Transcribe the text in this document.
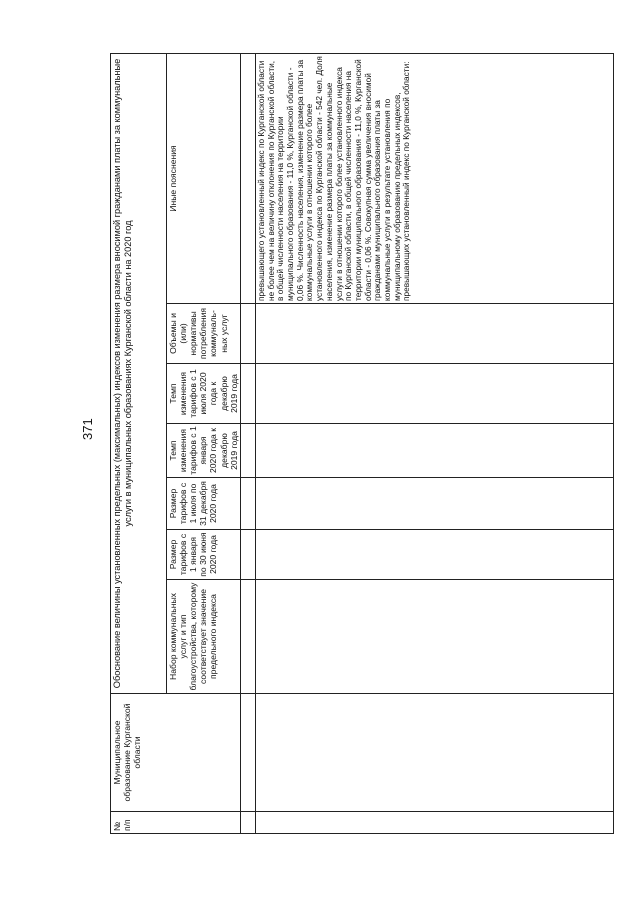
371
№ п/п	Муниципальное образование Курганской области	Обоснование величины установленных предельных (максимальных) индексов изменения размера вносимой гражданами платы за коммунальные услуги в муниципальных образованиях Курганской области на 2020 год						
		Набор коммунальных услуг и тип благоустройства, которому соответствует значение предельного индекса	Размер тарифов с 1 января по 30 июня 2020 года	Размер тарифов с 1 июля по 31 декабря 2020 года	Темп изменения тарифов с 1 января 2020 года к декабрю 2019 года	Темп изменения тарифов с 1 июля 2020 года к декабрю 2019 года	Объемы и (или) нормативы потребления коммуналь-ных услуг	Иные пояснения

								превышающего установленный индекс по Курганской области не более чем на величину отклонения по Курганской области, в общей численности населения на территории муниципального образования - 11,0 %, Курганской области - 0,06 %. Численность населения, изменение размера платы за коммунальные услуги в отношении которого более установленного индекса по Курганской области - 542 чел. Доля населения, изменение размера платы за коммунальные услуги в отношении которого более установленного индекса по Курганской области, в общей численности населения на территории муниципального образования - 11,0 %, Курганской области - 0,06 %. Совокупная сумма увеличения вносимой гражданами муниципального образования платы за коммунальные услуги в результате установления по муниципальному образованию предельных индексов, превышающих установленный индекс по Курганской области:
